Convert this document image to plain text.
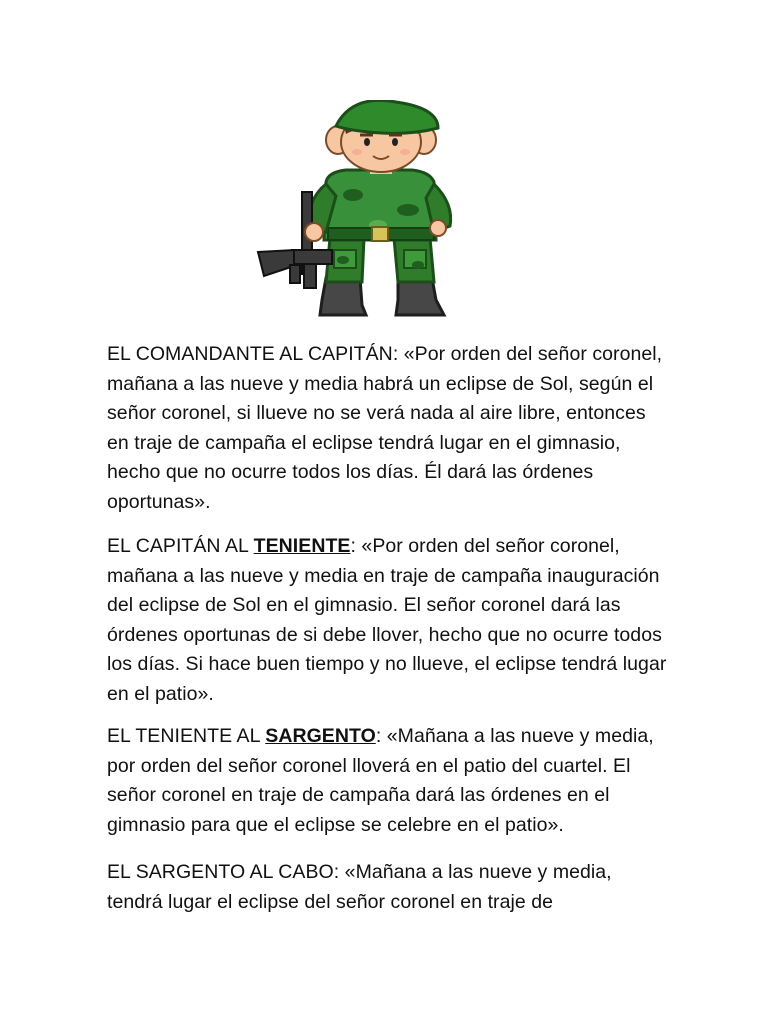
EL COMANDANTE AL CAPITÁN: «Por orden del señor coronel, mañana a las nueve y media habrá un eclipse de Sol, según el señor coronel, si llueve no se verá nada al aire libre, entonces en traje de campaña el eclipse tendrá lugar en el gimnasio, hecho que no ocurre todos los días. Él dará las órdenes oportunas».

EL CAPITÁN AL TENIENTE: «Por orden del señor coronel, mañana a las nueve y media en traje de campaña inauguración del eclipse de Sol en el gimnasio. El señor coronel dará las órdenes oportunas de si debe llover, hecho que no ocurre todos los días. Si hace buen tiempo y no llueve, el eclipse tendrá lugar en el patio».

EL TENIENTE AL SARGENTO: «Mañana a las nueve y media, por orden del señor coronel lloverá en el patio del cuartel. El señor coronel en traje de campaña dará las órdenes en el gimnasio para que el eclipse se celebre en el patio».

EL SARGENTO AL CABO: «Mañana a las nueve y media, tendrá lugar el eclipse del señor coronel en traje de
